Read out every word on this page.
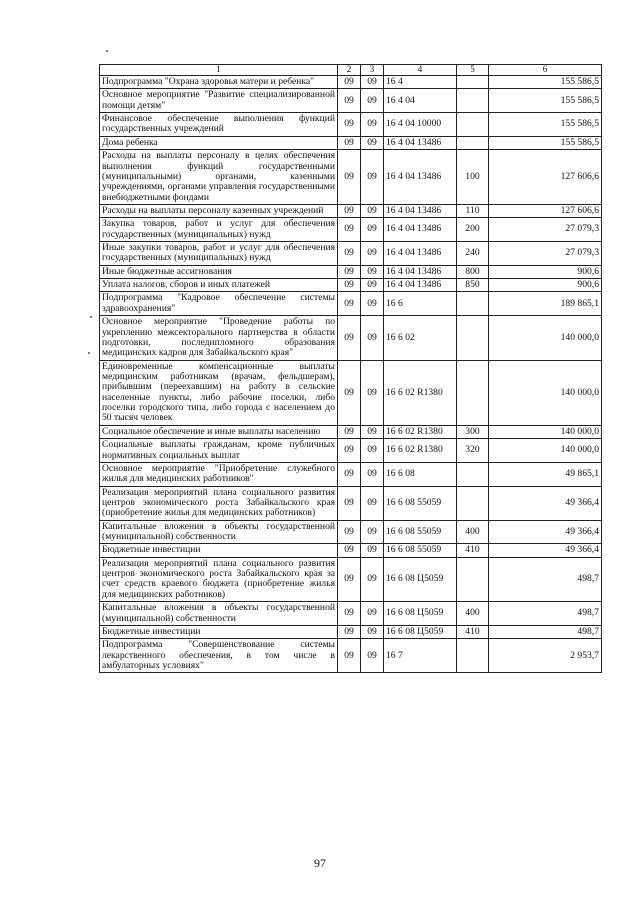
1	2	3	4	5	6
Подпрограмма "Охрана здоровья матери и ребенка"	09	09	16 4		155 586,5
Основное мероприятие "Развитие специализированной помощи детям"	09	09	16 4 04		155 586,5
Финансовое обеспечение выполнения функций государственных учреждений	09	09	16 4 04 10000		155 586,5
Дома ребенка	09	09	16 4 04 13486		155 586,5
Расходы на выплаты персоналу в целях обеспечения выполнения функций государственными (муниципальными) органами, казенными учреждениями, органами управления государственными внебюджетными фондами	09	09	16 4 04 13486	100	127 606,6
Расходы на выплаты персоналу казенных учреждений	09	09	16 4 04 13486	110	127 606,6
Закупка товаров, работ и услуг для обеспечения государственных (муниципальных) нужд	09	09	16 4 04 13486	200	27 079,3
Иные закупки товаров, работ и услуг для обеспечения государственных (муниципальных) нужд	09	09	16 4 04 13486	240	27 079,3
Иные бюджетные ассигнования	09	09	16 4 04 13486	800	900,6
Уплата налогов, сборов и иных платежей	09	09	16 4 04 13486	850	900,6
Подпрограмма "Кадровое обеспечение системы здравоохранения"	09	09	16 6		189 865,1
Основное мероприятие "Проведение работы по укреплению межсекторального партнерства в области подготовки, последипломного образования медицинских кадров для Забайкальского края"	09	09	16 6 02		140 000,0
Единовременные компенсационные выплаты медицинским работникам (врачам, фельдшерам), прибывшим (переехавшим) на работу в сельские населенные пункты, либо рабочие поселки, либо поселки городского типа, либо города с населением до 50 тысяч человек	09	09	16 6 02 R1380		140 000,0
Социальное обеспечение и иные выплаты населению	09	09	16 6 02 R1380	300	140 000,0
Социальные выплаты гражданам, кроме публичных нормативных социальных выплат	09	09	16 6 02 R1380	320	140 000,0
Основное мероприятие "Приобретение служебного жилья для медицинских работников"	09	09	16 6 08		49 865,1
Реализация мероприятий плана социального развития центров экономического роста Забайкальского края (приобретение жилья для медицинских работников)	09	09	16 6 08 55059		49 366,4
Капитальные вложения в объекты государственной (муниципальной) собственности	09	09	16 6 08 55059	400	49 366,4
Бюджетные инвестиции	09	09	16 6 08 55059	410	49 366,4
Реализация мероприятий плана социального развития центров экономического роста Забайкальского края за счет средств краевого бюджета (приобретение жилья для медицинских работников)	09	09	16 6 08 Ц5059		498,7
Капитальные вложения в объекты государственной (муниципальной) собственности	09	09	16 6 08 Ц5059	400	498,7
Бюджетные инвестиции	09	09	16 6 08 Ц5059	410	498,7
Подпрограмма "Совершенствование системы лекарственного обеспечения, в том числе в амбулаторных условиях"	09	09	16 7		2 953,7
97
